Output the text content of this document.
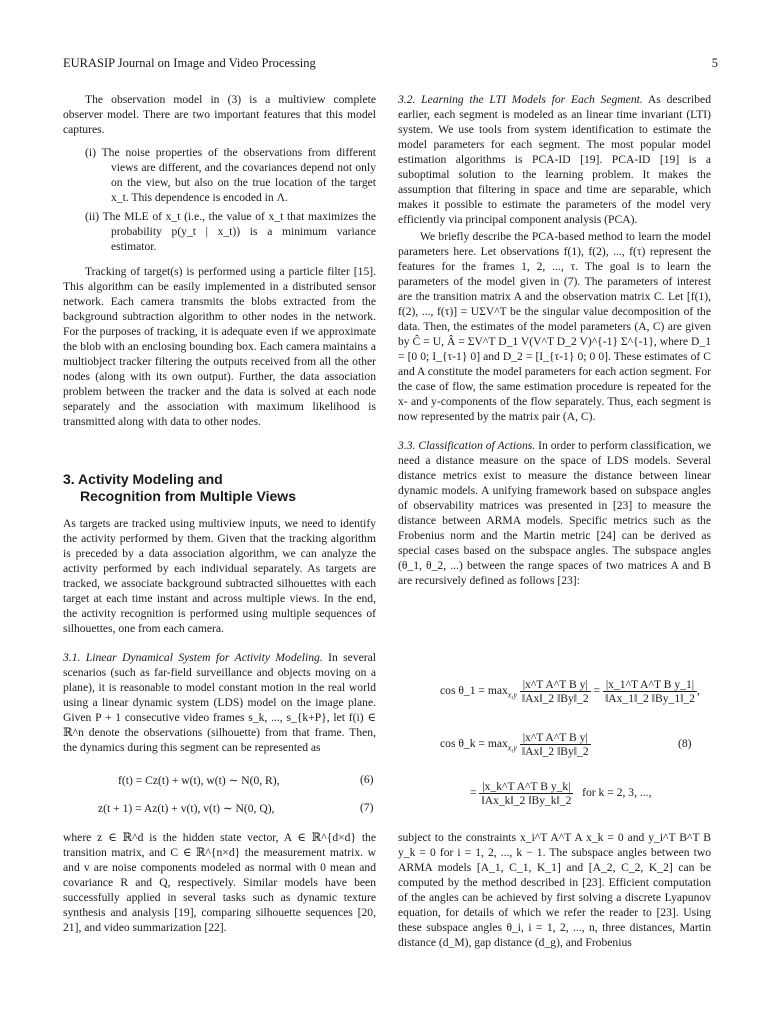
EURASIP Journal on Image and Video Processing	5

The observation model in (3) is a multiview complete observer model. There are two important features that this model captures.

(i) The noise properties of the observations from different views are different, and the covariances depend not only on the view, but also on the true location of the target x_t. This dependence is encoded in Λ.

(ii) The MLE of x_t (i.e., the value of x_t that maximizes the probability p(y_t | x_t)) is a minimum variance estimator.

Tracking of target(s) is performed using a particle filter [15]. This algorithm can be easily implemented in a distributed sensor network. Each camera transmits the blobs extracted from the background subtraction algorithm to other nodes in the network. For the purposes of tracking, it is adequate even if we approximate the blob with an enclosing bounding box. Each camera maintains a multiobject tracker filtering the outputs received from all the other nodes (along with its own output). Further, the data association problem between the tracker and the data is solved at each node separately and the association with maximum likelihood is transmitted along with data to other nodes.

3. Activity Modeling and
Recognition from Multiple Views

As targets are tracked using multiview inputs, we need to identify the activity performed by them. Given that the tracking algorithm is preceded by a data association algorithm, we can analyze the activity performed by each individual separately. As targets are tracked, we associate background subtracted silhouettes with each target at each time instant and across multiple views. In the end, the activity recognition is performed using multiple sequences of silhouettes, one from each camera.

3.1. Linear Dynamical System for Activity Modeling. In several scenarios (such as far-field surveillance and objects moving on a plane), it is reasonable to model constant motion in the real world using a linear dynamic system (LDS) model on the image plane. Given P + 1 consecutive video frames s_k, ..., s_{k+P}, let f(i) ∈ ℝ^n denote the observations (silhouette) from that frame. Then, the dynamics during this segment can be represented as

f(t) = Cz(t) + w(t), w(t) ∼ N(0, R),	(6)
z(t + 1) = Az(t) + v(t), v(t) ∼ N(0, Q),	(7)

where z ∈ ℝ^d is the hidden state vector, A ∈ ℝ^{d×d} the transition matrix, and C ∈ ℝ^{n×d} the measurement matrix. w and v are noise components modeled as normal with 0 mean and covariance R and Q, respectively. Similar models have been successfully applied in several tasks such as dynamic texture synthesis and analysis [19], comparing silhouette sequences [20, 21], and video summarization [22].

3.2. Learning the LTI Models for Each Segment. As described earlier, each segment is modeled as an linear time invariant (LTI) system. We use tools from system identification to estimate the model parameters for each segment. The most popular model estimation algorithms is PCA-ID [19]. PCA-ID [19] is a suboptimal solution to the learning problem. It makes the assumption that filtering in space and time are separable, which makes it possible to estimate the parameters of the model very efficiently via principal component analysis (PCA).

We briefly describe the PCA-based method to learn the model parameters here. Let observations f(1), f(2), ..., f(τ) represent the features for the frames 1, 2, ..., τ. The goal is to learn the parameters of the model given in (7). The parameters of interest are the transition matrix A and the observation matrix C. Let [f(1), f(2), ..., f(τ)] = UΣV^T be the singular value decomposition of the data. Then, the estimates of the model parameters (A, C) are given by Ĉ = U, Â = ΣV^T D_1 V(V^T D_2 V)^{-1} Σ^{-1}, where D_1 = [0 0; I_{τ-1} 0] and D_2 = [I_{τ-1} 0; 0 0]. These estimates of C and A constitute the model parameters for each action segment. For the case of flow, the same estimation procedure is repeated for the x- and y-components of the flow separately. Thus, each segment is now represented by the matrix pair (A, C).

3.3. Classification of Actions. In order to perform classification, we need a distance measure on the space of LDS models. Several distance metrics exist to measure the distance between linear dynamic models. A unifying framework based on subspace angles of observability matrices was presented in [23] to measure the distance between ARMA models. Specific metrics such as the Frobenius norm and the Martin metric [24] can be derived as special cases based on the subspace angles. The subspace angles (θ_1, θ_2, ...) between the range spaces of two matrices A and B are recursively defined as follows [23]:

cos θ_1 = $\max_{x,y} \frac{\text{|x\textasciicircum{}T A\textasciicircum{}T B y|}}{‖Ax‖\_2 ‖By‖\_2} = \frac{\text{|x\_1\textasciicircum{}T A\textasciicircum{}T B y\_1|}}{‖Ax\_1‖\_2 ‖By\_1‖\_2}$ ,
cos θ_k = $\max_{x,y} \frac{\text{|x\textasciicircum{}T A\textasciicircum{}T B y|}}{‖Ax‖\_2 ‖By‖\_2}$	(8)
= $\frac{\text{|x\_k\textasciicircum{}T A\textasciicircum{}T B y\_k|}}{‖Ax\_k‖\_2 ‖By\_k‖\_2}$ for k = 2, 3, ...,

subject to the constraints x_i^T A^T A x_k = 0 and y_i^T B^T B y_k = 0 for i = 1, 2, ..., k − 1. The subspace angles between two ARMA models [A_1, C_1, K_1] and [A_2, C_2, K_2] can be computed by the method described in [23]. Efficient computation of the angles can be achieved by first solving a discrete Lyapunov equation, for details of which we refer the reader to [23]. Using these subspace angles θ_i, i = 1, 2, ..., n, three distances, Martin distance (d_M), gap distance (d_g), and Frobenius
